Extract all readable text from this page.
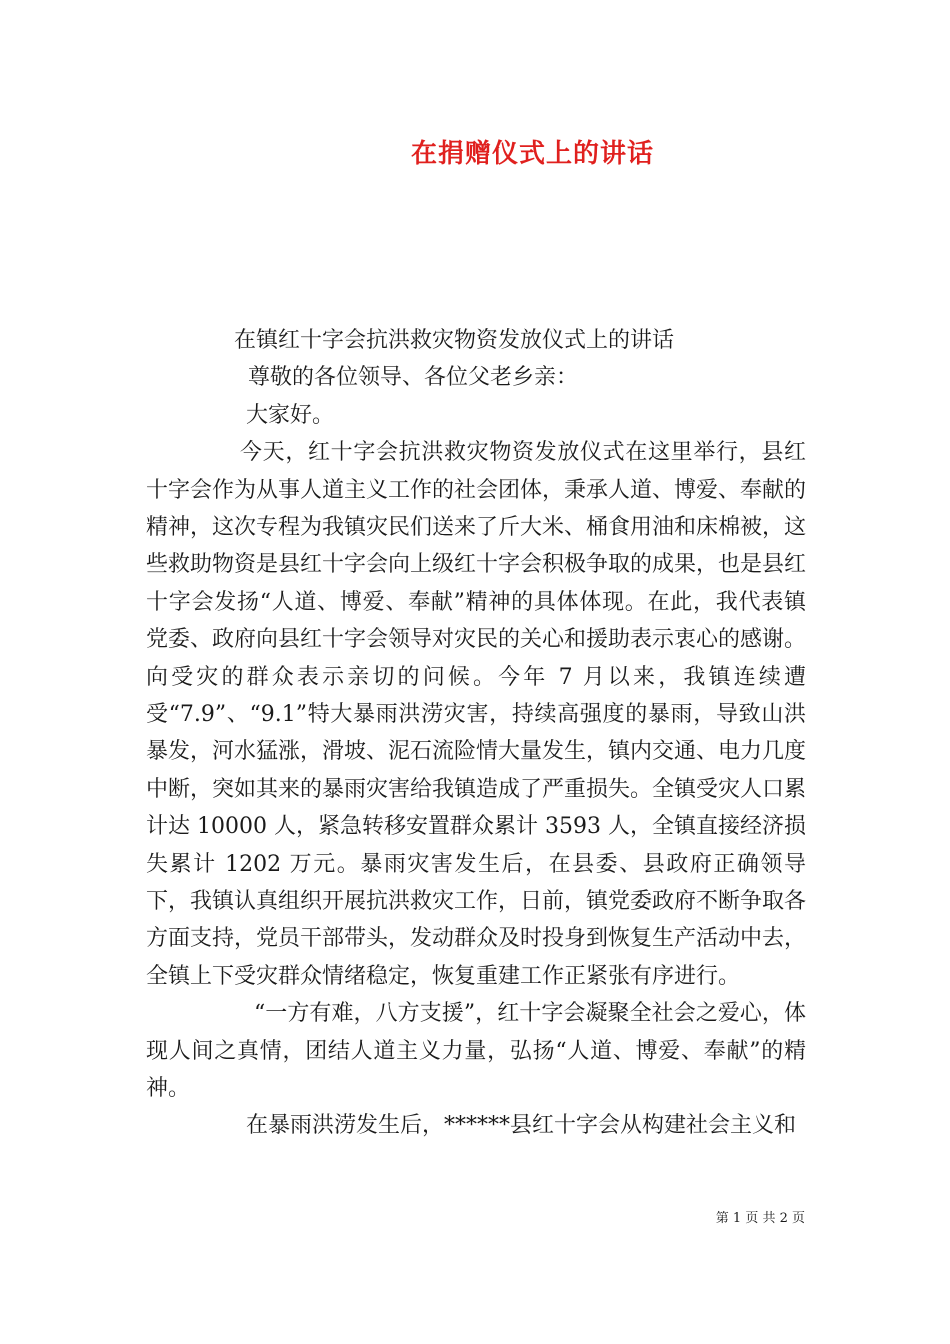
在捐赠仪式上的讲话
在镇红十字会抗洪救灾物资发放仪式上的讲话
尊敬的各位领导、各位父老乡亲：
大家好。
今天，红十字会抗洪救灾物资发放仪式在这里举行，县红十字会作为从事人道主义工作的社会团体，秉承人道、博爱、奉献的精神，这次专程为我镇灾民们送来了斤大米、桶食用油和床棉被，这些救助物资是县红十字会向上级红十字会积极争取的成果，也是县红十字会发扬“人道、博爱、奉献”精神的具体体现。在此，我代表镇党委、政府向县红十字会领导对灾民的关心和援助表示衷心的感谢。向受灾的群众表示亲切的问候。今年 7 月以来，我镇连续遭受“7.9”、“9.1”特大暴雨洪涝灾害，持续高强度的暴雨，导致山洪暴发，河水猛涨，滑坡、泥石流险情大量发生，镇内交通、电力几度中断，突如其来的暴雨灾害给我镇造成了严重损失。全镇受灾人口累计达 10000 人，紧急转移安置群众累计 3593 人，全镇直接经济损失累计 1202 万元。暴雨灾害发生后，在县委、县政府正确领导下，我镇认真组织开展抗洪救灾工作，日前，镇党委政府不断争取各方面支持，党员干部带头，发动群众及时投身到恢复生产活动中去，全镇上下受灾群众情绪稳定，恢复重建工作正紧张有序进行。
“一方有难，八方支援”，红十字会凝聚全社会之爱心，体现人间之真情，团结人道主义力量，弘扬“人道、博爱、奉献”的精神。
在暴雨洪涝发生后，******县红十字会从构建社会主义和
第 1 页 共 2 页
